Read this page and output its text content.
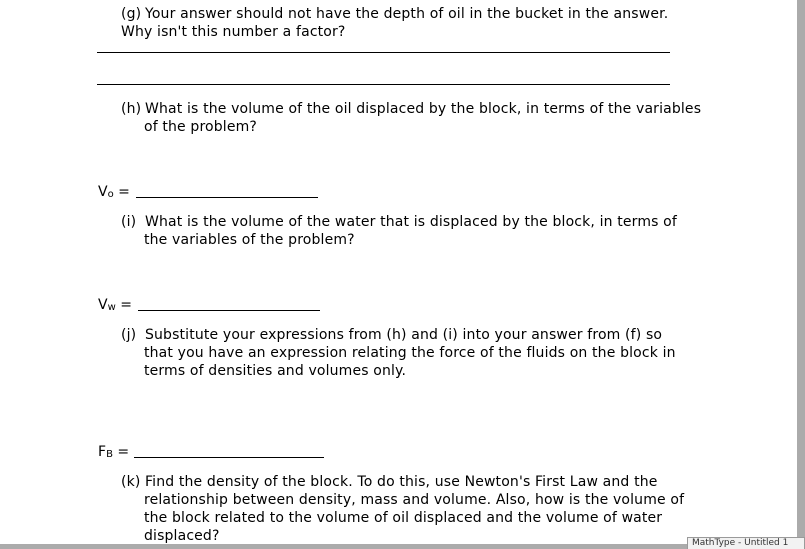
(g) Your answer should not have the depth of oil in the bucket in the answer.
Why isn't this number a factor?
(h) What is the volume of the oil displaced by the block, in terms of the variables
of the problem?
$V_o$ =
(i) What is the volume of the water that is displaced by the block, in terms of
the variables of the problem?
$V_w$ =
(j) Substitute your expressions from (h) and (i) into your answer from (f) so
that you have an expression relating the force of the fluids on the block in
terms of densities and volumes only.
$F_B$ =
(k) Find the density of the block. To do this, use Newton's First Law and the
relationship between density, mass and volume. Also, how is the volume of
the block related to the volume of oil displaced and the volume of water
displaced?	MathType - Untitled 1
